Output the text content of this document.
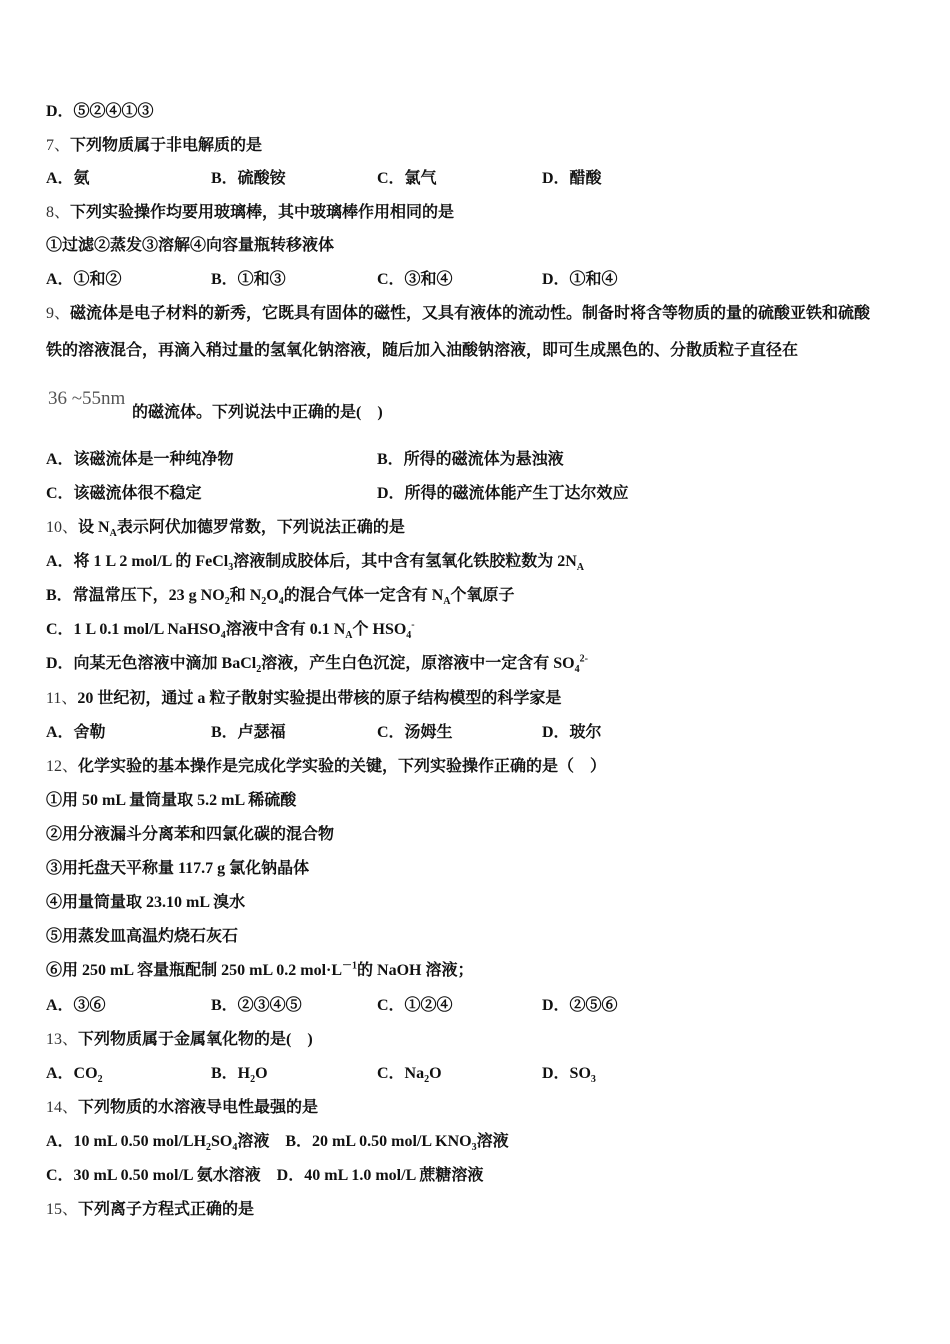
36 ~55nm
D．⑤②④①③
7、下列物质属于非电解质的是
A．氨	B．硫酸铵	C．氯气	D．醋酸
8、下列实验操作均要用玻璃棒，其中玻璃棒作用相同的是
①过滤②蒸发③溶解④向容量瓶转移液体
A．①和②	B．①和③	C．③和④	D．①和④
9、磁流体是电子材料的新秀，它既具有固体的磁性，又具有液体的流动性。制备时将含等物质的量的硫酸亚铁和硫酸
铁的溶液混合，再滴入稍过量的氢氧化钠溶液，随后加入油酸钠溶液，即可生成黑色的、分散质粒子直径在
的磁流体。下列说法中正确的是(　)
A．该磁流体是一种纯净物	B．所得的磁流体为悬浊液
C．该磁流体很不稳定	D．所得的磁流体能产生丁达尔效应
10、设 $N_A$表示阿伏加德罗常数，下列说法正确的是
A．将 1 L 2 mol/L 的 FeCl$_3$溶液制成胶体后，其中含有氢氧化铁胶粒数为 $2N_A$
B．常温常压下，23 g $NO_2$和 $N_2O_4$的混合气体一定含有 $N_A$个氧原子
C．1 L 0.1 mol/L NaHSO$_4$溶液中含有 0.1 $N_A$个 $HSO_4^-$
D．向某无色溶液中滴加 BaCl$_2$溶液，产生白色沉淀，原溶液中一定含有 $SO_4^{2-}$
11、20 世纪初，通过 a 粒子散射实验提出带核的原子结构模型的科学家是
A．舍勒	B．卢瑟福	C．汤姆生	D．玻尔
12、化学实验的基本操作是完成化学实验的关键，下列实验操作正确的是（　）
①用 50 mL 量筒量取 5.2 mL 稀硫酸
②用分液漏斗分离苯和四氯化碳的混合物
③用托盘天平称量 117.7 g 氯化钠晶体
④用量筒量取 23.10 mL 溴水
⑤用蒸发皿高温灼烧石灰石
⑥用 250 mL 容量瓶配制 250 mL 0.2 $mol\cdot L^{-1}$的 NaOH 溶液；
A．③⑥	B．②③④⑤	C．①②④	D．②⑤⑥
13、下列物质属于金属氧化物的是(　)
A．$CO_2$	B．$H_2O$	C．$Na_2O$	D．$SO_3$
14、下列物质的水溶液导电性最强的是
A．10 mL 0.50 mol/$LH_2SO_4$溶液　B．20 mL 0.50 mol/L $KNO_3$溶液
C．30 mL 0.50 mol/L 氨水溶液　D．40 mL 1.0 mol/L 蔗糖溶液
15、下列离子方程式正确的是
